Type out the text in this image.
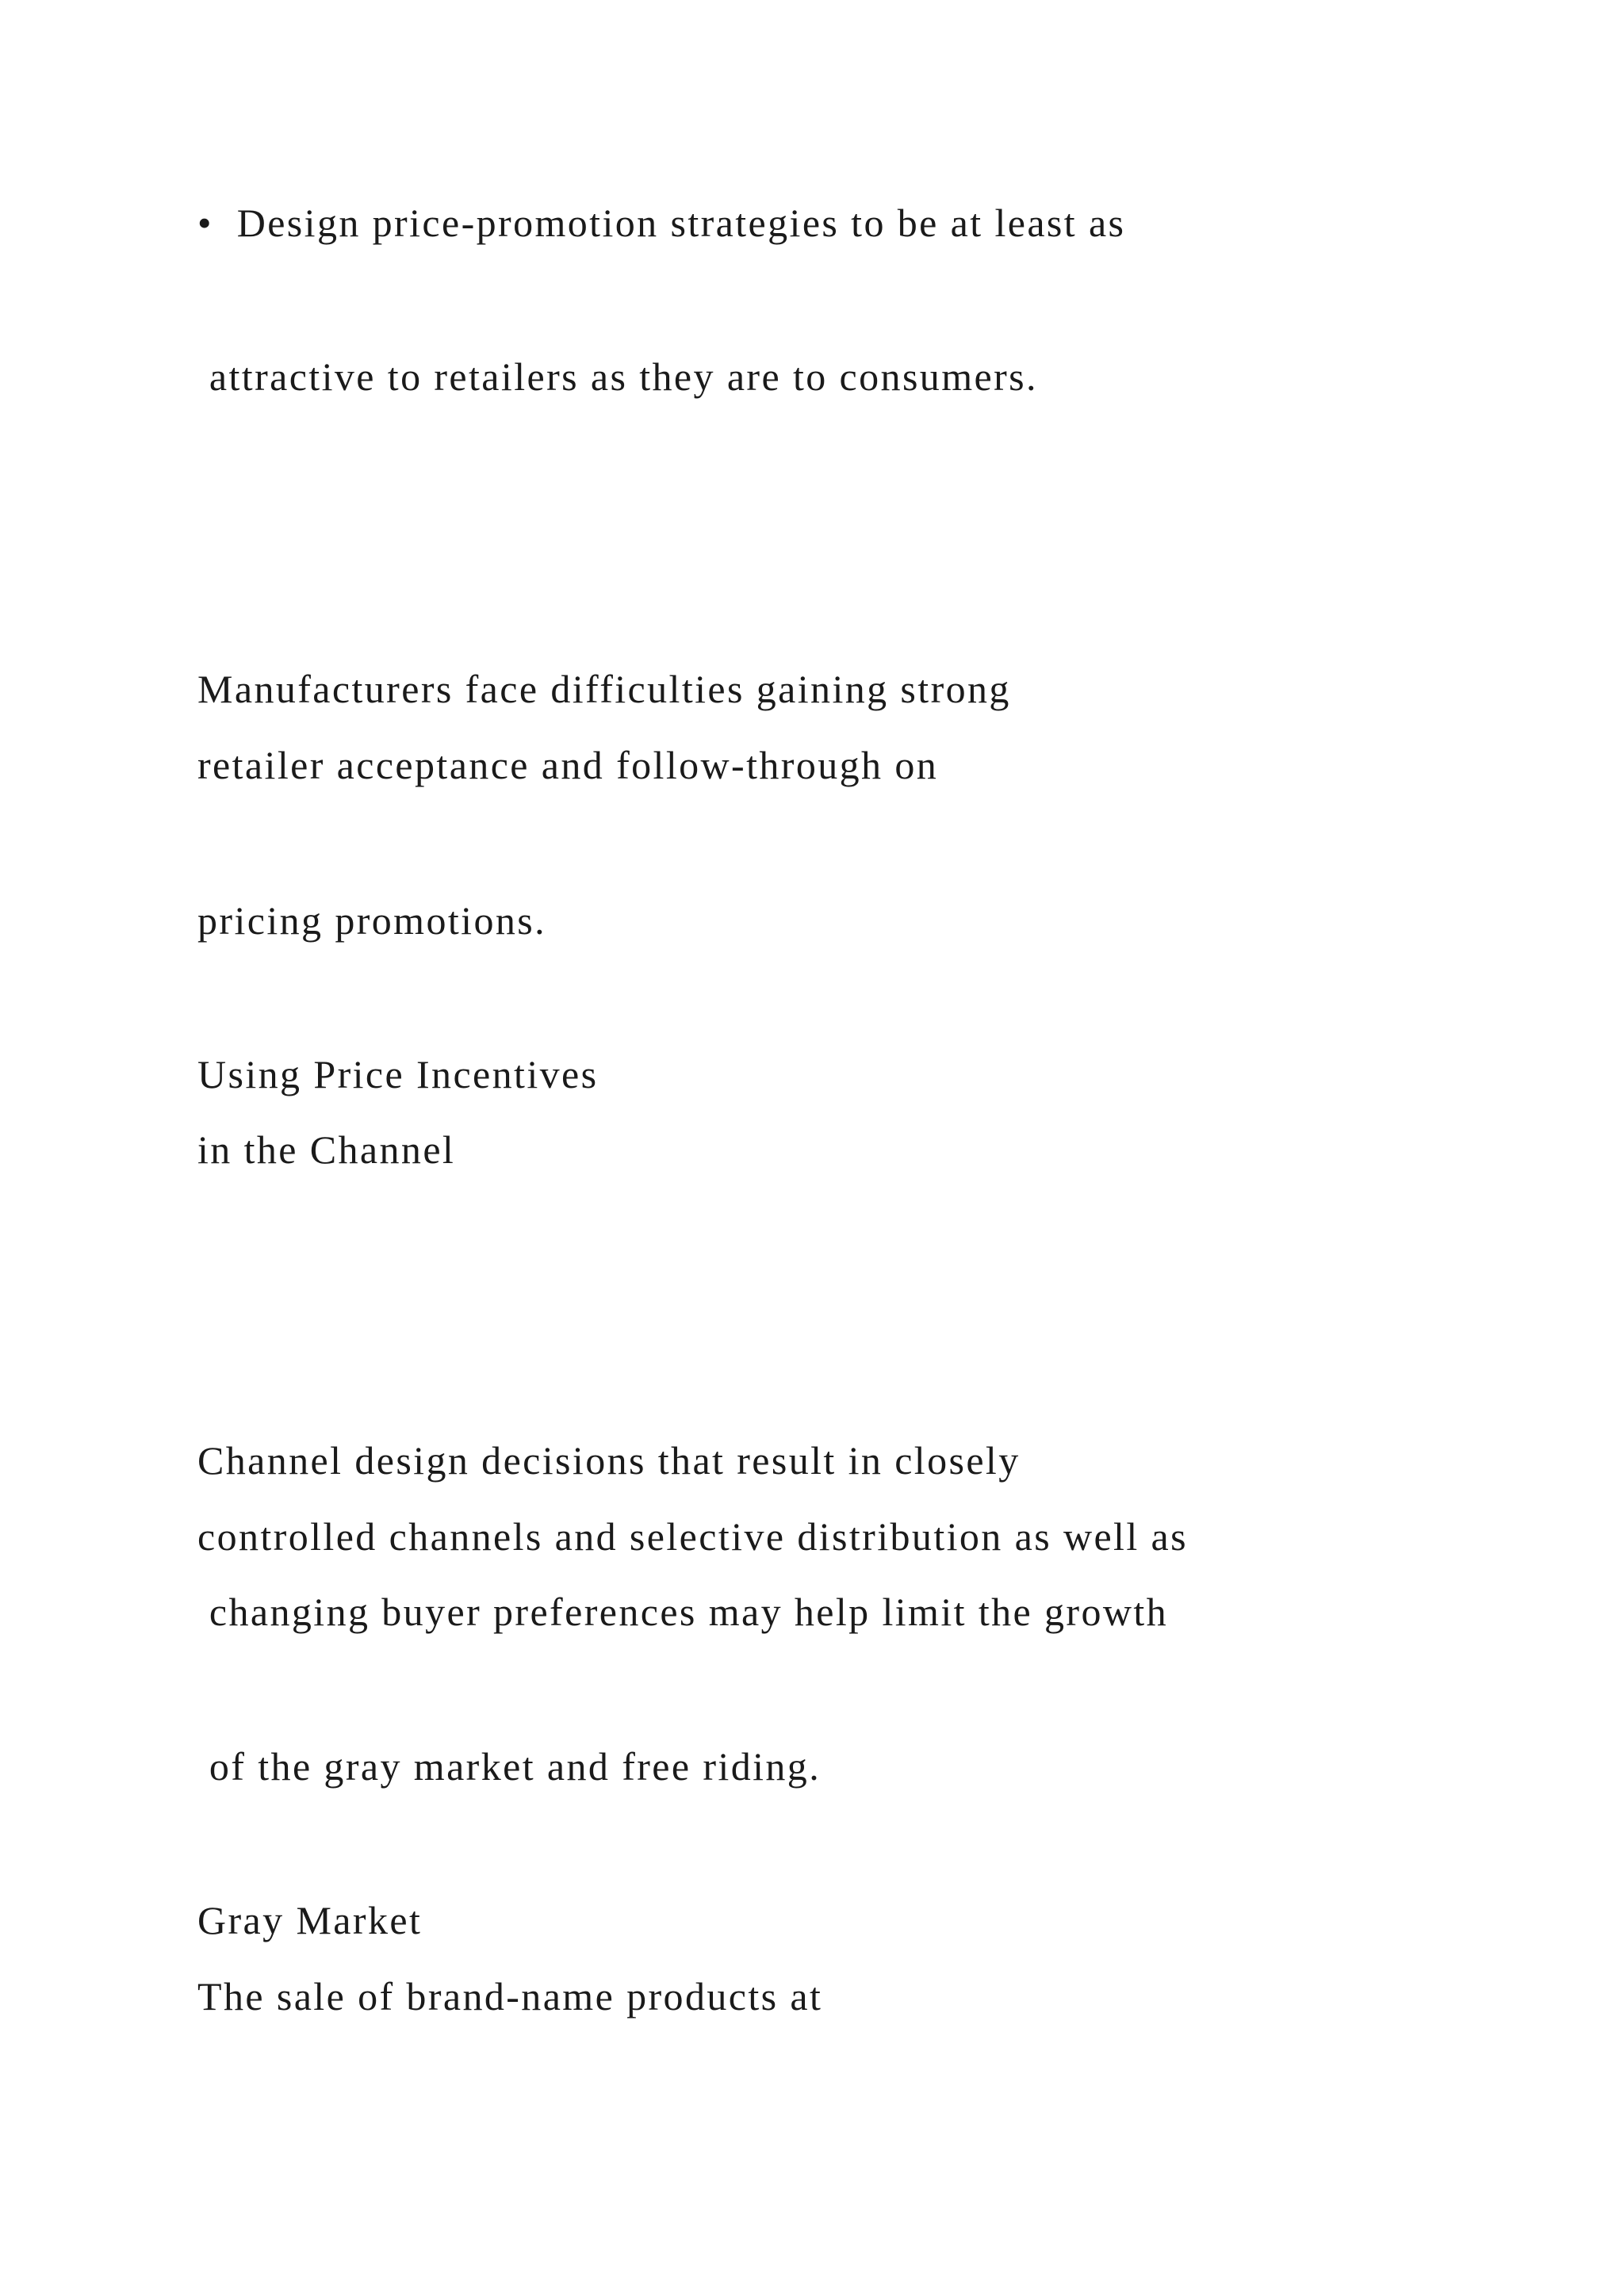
•  Design price-promotion strategies to be at least as

attractive to retailers as they are to consumers.

Manufacturers face difficulties gaining strong

retailer acceptance and follow-through on

pricing promotions.

Using Price Incentives

in the Channel

Channel design decisions that result in closely

controlled channels and selective distribution as well as

changing buyer preferences may help limit the growth

of the gray market and free riding.

Gray Market

The sale of brand-name products at
